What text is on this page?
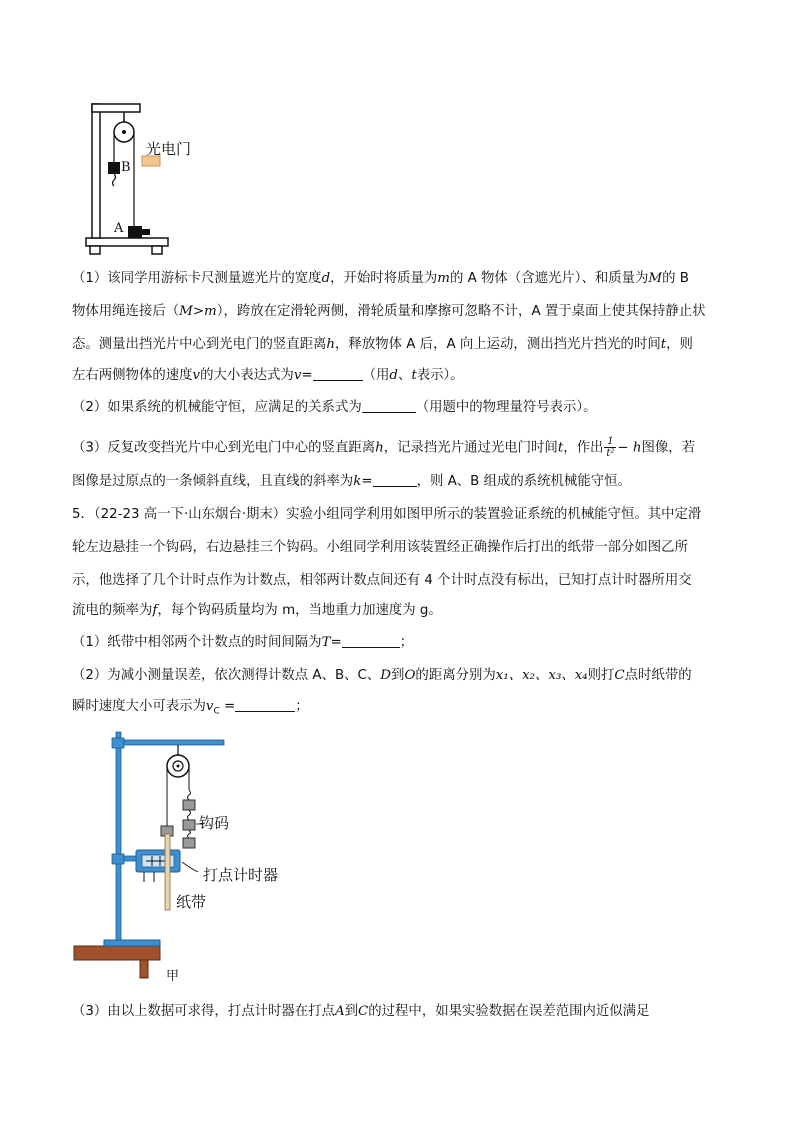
光电门
B
A
（1）该同学用游标卡尺测量遮光片的宽度d，开始时将质量为m的 A 物体（含遮光片）、和质量为M的 B
物体用绳连接后（M>m），跨放在定滑轮两侧，滑轮质量和摩擦可忽略不计，A 置于桌面上使其保持静止状
态。测量出挡光片中心到光电门的竖直距离h，释放物体 A 后，A 向上运动，测出挡光片挡光的时间t，则
左右两侧物体的速度v的大小表达式为v=	（用d、t表示）。
（2）如果系统的机械能守恒，应满足的关系式为	（用题中的物理量符号表示）。
（3）反复改变挡光片中心到光电门中心的竖直距离h，记录挡光片通过光电门时间t，作出 $\frac{1}{\text{t²}} - h$图像，若
图像是过原点的一条倾斜直线，且直线的斜率为k=	，则 A、B 组成的系统机械能守恒。
5．（22-23 高一下·山东烟台·期末）实验小组同学利用如图甲所示的装置验证系统的机械能守恒。其中定滑
轮左边悬挂一个钩码，右边悬挂三个钩码。小组同学利用该装置经正确操作后打出的纸带一部分如图乙所
示，他选择了几个计时点作为计数点，相邻两计数点间还有 4 个计时点没有标出，已知打点计时器所用交
流电的频率为f，每个钩码质量均为 m，当地重力加速度为 g。
（1）纸带中相邻两个计数点的时间间隔为T=	；
（2）为减小测量误差，依次测得计数点 A、B、C、D到O的距离分别为x₁、x₂、x₃、x₄则打C点时纸带的
瞬时速度大小可表示为$v_C$ =	；
钩码
打点计时器
纸带
甲
（3）由以上数据可求得，打点计时器在打点A到C的过程中，如果实验数据在误差范围内近似满足
